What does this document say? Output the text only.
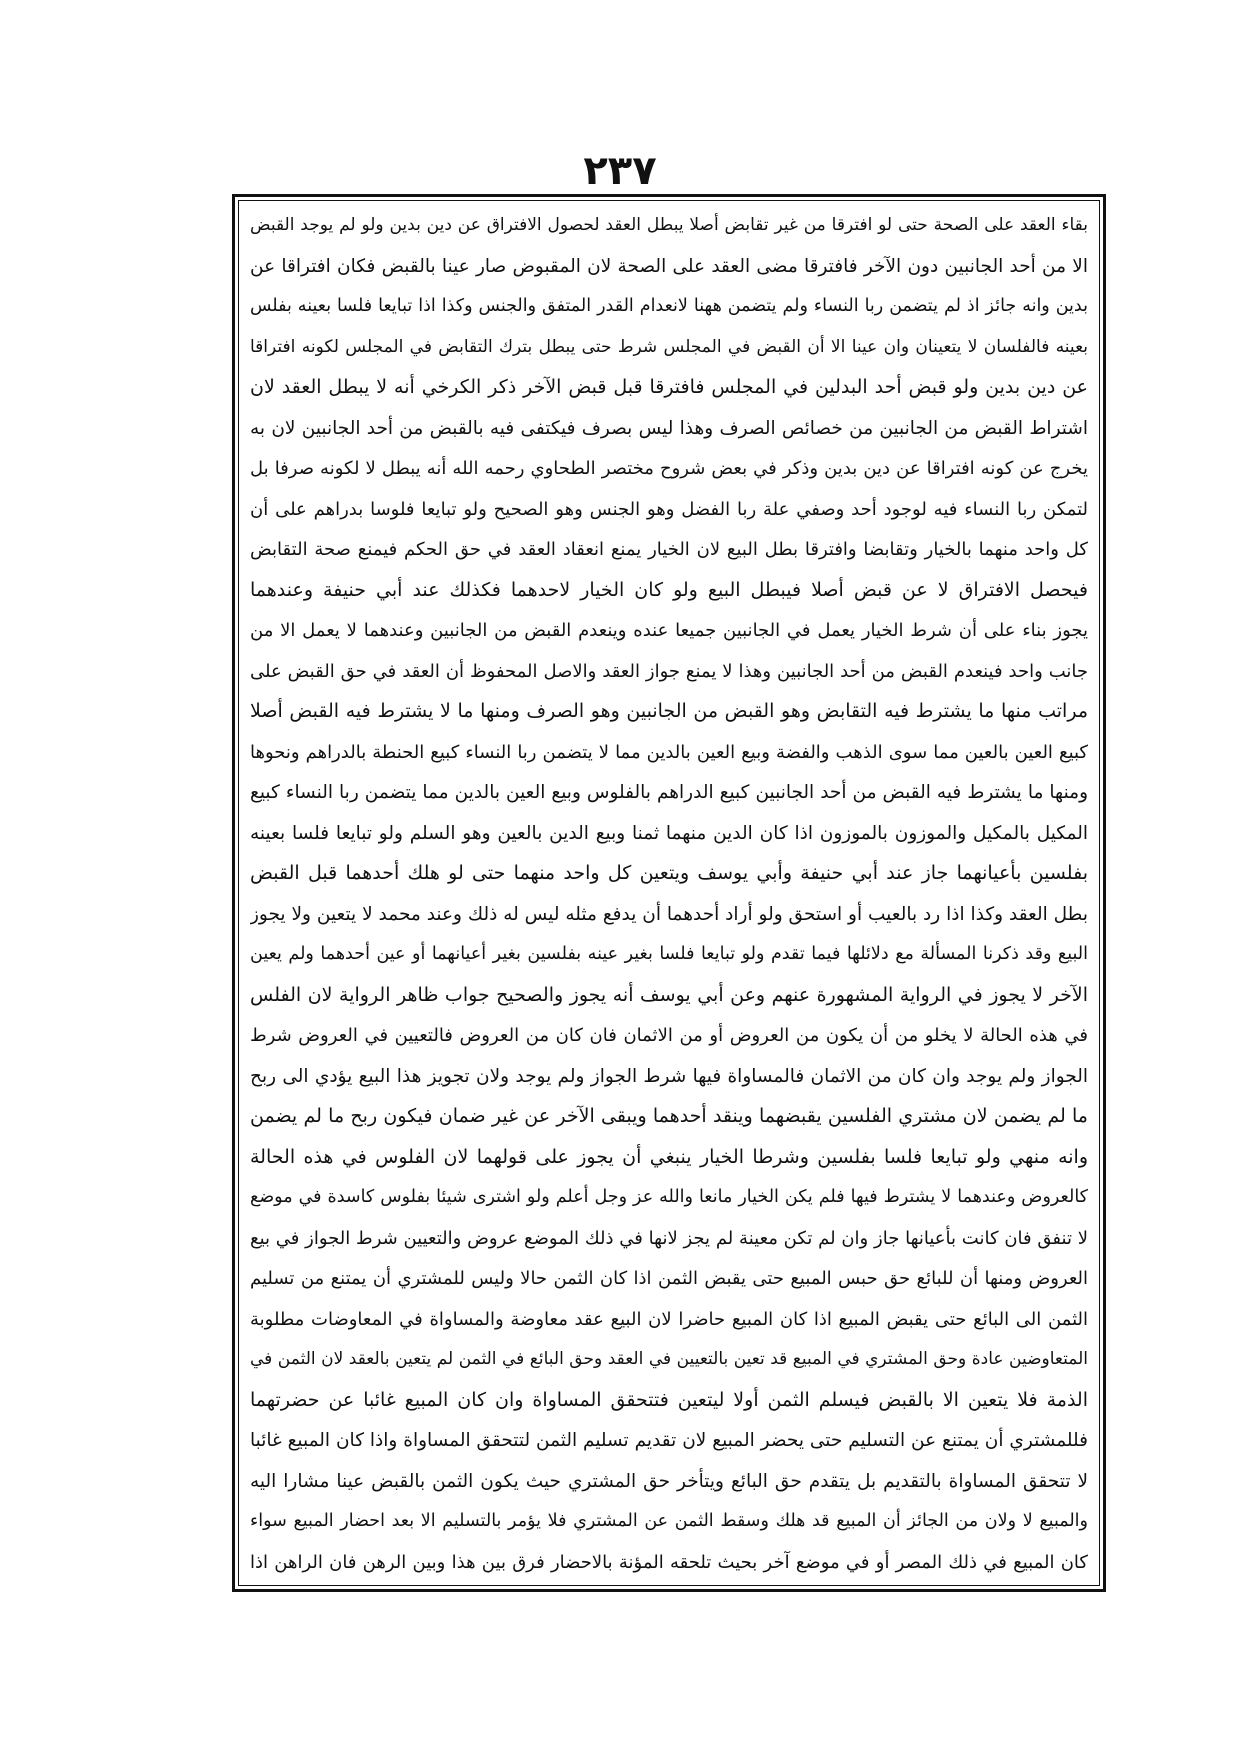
٢٣٧
بقاء العقد على الصحة حتى لو افترقا من غير تقابض أصلا يبطل العقد لحصول الافتراق عن دين بدين ولو لم يوجد القبض
الا من أحد الجانبين دون الآخر فافترقا مضى العقد على الصحة لان المقبوض صار عينا بالقبض فكان افتراقا عن
بدين وانه جائز اذ لم يتضمن ربا النساء ولم يتضمن ههنا لانعدام القدر المتفق والجنس وكذا اذا تبايعا فلسا بعينه بفلس
بعينه فالفلسان لا يتعينان وان عينا الا أن القبض في المجلس شرط حتى يبطل بترك التقابض في المجلس لكونه افتراقا
عن دين بدين ولو قبض أحد البدلين في المجلس فافترقا قبل قبض الآخر ذكر الكرخي أنه لا يبطل العقد لان
اشتراط القبض من الجانبين من خصائص الصرف وهذا ليس بصرف فيكتفى فيه بالقبض من أحد الجانبين لان به
يخرج عن كونه افتراقا عن دين بدين وذكر في بعض شروح مختصر الطحاوي رحمه الله أنه يبطل لا لكونه صرفا بل
لتمكن ربا النساء فيه لوجود أحد وصفي علة ربا الفضل وهو الجنس وهو الصحيح ولو تبايعا فلوسا بدراهم على أن
كل واحد منهما بالخيار وتقابضا وافترقا بطل البيع لان الخيار يمنع انعقاد العقد في حق الحكم فيمنع صحة التقابض
فيحصل الافتراق لا عن قبض أصلا فيبطل البيع ولو كان الخيار لاحدهما فكذلك عند أبي حنيفة وعندهما
يجوز بناء على أن شرط الخيار يعمل في الجانبين جميعا عنده وينعدم القبض من الجانبين وعندهما لا يعمل الا من
جانب واحد فينعدم القبض من أحد الجانبين وهذا لا يمنع جواز العقد والاصل المحفوظ أن العقد في حق القبض على
مراتب منها ما يشترط فيه التقابض وهو القبض من الجانبين وهو الصرف ومنها ما لا يشترط فيه القبض أصلا
كبيع العين بالعين مما سوى الذهب والفضة وبيع العين بالدين مما لا يتضمن ربا النساء كبيع الحنطة بالدراهم ونحوها
ومنها ما يشترط فيه القبض من أحد الجانبين كبيع الدراهم بالفلوس وبيع العين بالدين مما يتضمن ربا النساء كبيع
المكيل بالمكيل والموزون بالموزون اذا كان الدين منهما ثمنا وبيع الدين بالعين وهو السلم ولو تبايعا فلسا بعينه
بفلسين بأعيانهما جاز عند أبي حنيفة وأبي يوسف ويتعين كل واحد منهما حتى لو هلك أحدهما قبل القبض
بطل العقد وكذا اذا رد بالعيب أو استحق ولو أراد أحدهما أن يدفع مثله ليس له ذلك وعند محمد لا يتعين ولا يجوز
البيع وقد ذكرنا المسألة مع دلائلها فيما تقدم ولو تبايعا فلسا بغير عينه بفلسين بغير أعيانهما أو عين أحدهما ولم يعين
الآخر لا يجوز في الرواية المشهورة عنهم وعن أبي يوسف أنه يجوز والصحيح جواب ظاهر الرواية لان الفلس
في هذه الحالة لا يخلو من أن يكون من العروض أو من الاثمان فان كان من العروض فالتعيين في العروض شرط
الجواز ولم يوجد وان كان من الاثمان فالمساواة فيها شرط الجواز ولم يوجد ولان تجويز هذا البيع يؤدي الى ربح
ما لم يضمن لان مشتري الفلسين يقبضهما وينقد أحدهما ويبقى الآخر عن غير ضمان فيكون ربح ما لم يضمن
وانه منهي ولو تبايعا فلسا بفلسين وشرطا الخيار ينبغي أن يجوز على قولهما لان الفلوس في هذه الحالة
كالعروض وعندهما لا يشترط فيها فلم يكن الخيار مانعا والله عز وجل أعلم ولو اشترى شيئا بفلوس كاسدة في موضع
لا تنفق فان كانت بأعيانها جاز وان لم تكن معينة لم يجز لانها في ذلك الموضع عروض والتعيين شرط الجواز في بيع
العروض ومنها أن للبائع حق حبس المبيع حتى يقبض الثمن اذا كان الثمن حالا وليس للمشتري أن يمتنع من تسليم
الثمن الى البائع حتى يقبض المبيع اذا كان المبيع حاضرا لان البيع عقد معاوضة والمساواة في المعاوضات مطلوبة
المتعاوضين عادة وحق المشتري في المبيع قد تعين بالتعيين في العقد وحق البائع في الثمن لم يتعين بالعقد لان الثمن في
الذمة فلا يتعين الا بالقبض فيسلم الثمن أولا ليتعين فتتحقق المساواة وان كان المبيع غائبا عن حضرتهما
فللمشتري أن يمتنع عن التسليم حتى يحضر المبيع لان تقديم تسليم الثمن لتتحقق المساواة واذا كان المبيع غائبا
لا تتحقق المساواة بالتقديم بل يتقدم حق البائع ويتأخر حق المشتري حيث يكون الثمن بالقبض عينا مشارا اليه
والمبيع لا ولان من الجائز أن المبيع قد هلك وسقط الثمن عن المشتري فلا يؤمر بالتسليم الا بعد احضار المبيع سواء
كان المبيع في ذلك المصر أو في موضع آخر بحيث تلحقه المؤنة بالاحضار فرق بين هذا وبين الرهن فان الراهن اذا
